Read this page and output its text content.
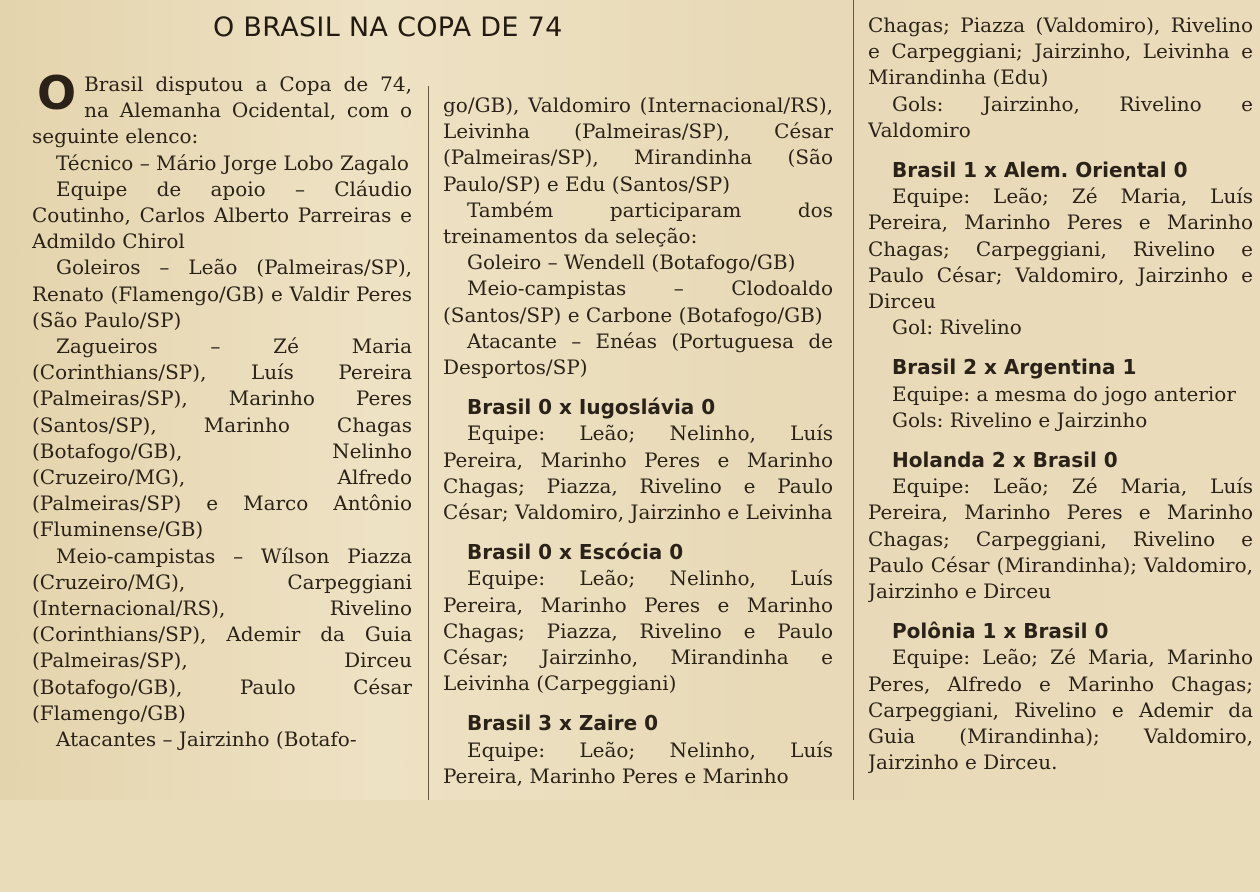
O BRASIL NA COPA DE 74

O Brasil disputou a Copa de 74, na Alemanha Ocidental, com o seguinte elenco:

Técnico – Mário Jorge Lobo Zagalo

Equipe de apoio – Cláudio Coutinho, Carlos Alberto Parreiras e Admildo Chirol

Goleiros – Leão (Palmeiras/SP), Renato (Flamengo/GB) e Valdir Peres (São Paulo/SP)

Zagueiros – Zé Maria (Corinthians/SP), Luís Pereira (Palmeiras/SP), Marinho Peres (Santos/SP), Marinho Chagas (Botafogo/GB), Nelinho (Cruzeiro/MG), Alfredo (Palmeiras/SP) e Marco Antônio (Fluminense/GB)

Meio-campistas – Wílson Piazza (Cruzeiro/MG), Carpeggiani (Internacional/RS), Rivelino (Corinthians/SP), Ademir da Guia (Palmeiras/SP), Dirceu (Botafogo/GB), Paulo César (Flamengo/GB)

Atacantes – Jairzinho (Botafo-

go/GB), Valdomiro (Internacional/RS), Leivinha (Palmeiras/SP), César (Palmeiras/SP), Mirandinha (São Paulo/SP) e Edu (Santos/SP)

Também participaram dos treinamentos da seleção:

Goleiro – Wendell (Botafogo/GB)

Meio-campistas – Clodoaldo (Santos/SP) e Carbone (Botafogo/GB)

Atacante – Enéas (Portuguesa de Desportos/SP)

Brasil 0 x Iugoslávia 0

Equipe: Leão; Nelinho, Luís Pereira, Marinho Peres e Marinho Chagas; Piazza, Rivelino e Paulo César; Valdomiro, Jairzinho e Leivinha

Brasil 0 x Escócia 0

Equipe: Leão; Nelinho, Luís Pereira, Marinho Peres e Marinho Chagas; Piazza, Rivelino e Paulo César; Jairzinho, Mirandinha e Leivinha (Carpeggiani)

Brasil 3 x Zaire 0

Equipe: Leão; Nelinho, Luís Pereira, Marinho Peres e Marinho

Chagas; Piazza (Valdomiro), Rivelino e Carpeggiani; Jairzinho, Leivinha e Mirandinha (Edu)

Gols: Jairzinho, Rivelino e Valdomiro

Brasil 1 x Alem. Oriental 0

Equipe: Leão; Zé Maria, Luís Pereira, Marinho Peres e Marinho Chagas; Carpeggiani, Rivelino e Paulo César; Valdomiro, Jairzinho e Dirceu

Gol: Rivelino

Brasil 2 x Argentina 1

Equipe: a mesma do jogo anterior

Gols: Rivelino e Jairzinho

Holanda 2 x Brasil 0

Equipe: Leão; Zé Maria, Luís Pereira, Marinho Peres e Marinho Chagas; Carpeggiani, Rivelino e Paulo César (Mirandinha); Valdomiro, Jairzinho e Dirceu

Polônia 1 x Brasil 0

Equipe: Leão; Zé Maria, Marinho Peres, Alfredo e Marinho Chagas; Carpeggiani, Rivelino e Ademir da Guia (Mirandinha); Valdomiro, Jairzinho e Dirceu.
